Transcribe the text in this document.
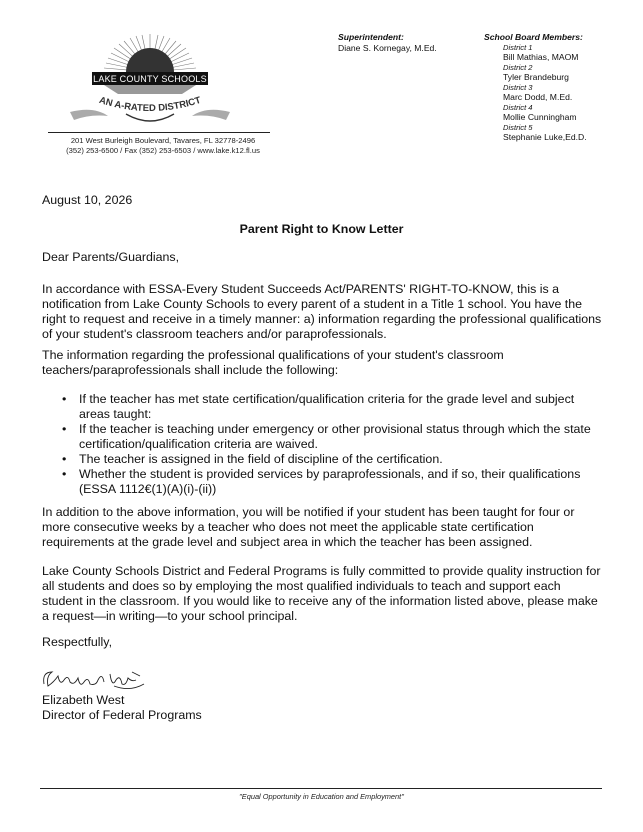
LAKE COUNTY SCHOOLS
AN A-RATED DISTRICT
201 West Burleigh Boulevard, Tavares, FL 32778-2496
(352) 253-6500 / Fax (352) 253-6503 / www.lake.k12.fl.us
Superintendent:
Diane S. Kornegay, M.Ed.
School Board Members:
District 1
Bill Mathias, MAOM
District 2
Tyler Brandeburg
District 3
Marc Dodd, M.Ed.
District 4
Mollie Cunningham
District 5
Stephanie Luke,Ed.D.
August 10, 2026
Parent Right to Know Letter
Dear Parents/Guardians,
In accordance with ESSA-Every Student Succeeds Act/PARENTS' RIGHT-TO-KNOW, this is a notification from Lake County Schools to every parent of a student in a Title 1 school. You have the right to request and receive in a timely manner: a) information regarding the professional qualifications of your student's classroom teachers and/or paraprofessionals.
The information regarding the professional qualifications of your student's classroom teachers/paraprofessionals shall include the following:
• If the teacher has met state certification/qualification criteria for the grade level and subject areas taught:
• If the teacher is teaching under emergency or other provisional status through which the state certification/qualification criteria are waived.
• The teacher is assigned in the field of discipline of the certification.
• Whether the student is provided services by paraprofessionals, and if so, their qualifications (ESSA 1112€(1)(A)(i)-(ii))
In addition to the above information, you will be notified if your student has been taught for four or more consecutive weeks by a teacher who does not meet the applicable state certification requirements at the grade level and subject area in which the teacher has been assigned.
Lake County Schools District and Federal Programs is fully committed to provide quality instruction for all students and does so by employing the most qualified individuals to teach and support each student in the classroom. If you would like to receive any of the information listed above, please make a request—in writing—to your school principal.
Respectfully,
Elizabeth West
Director of Federal Programs
"Equal Opportunity in Education and Employment"
